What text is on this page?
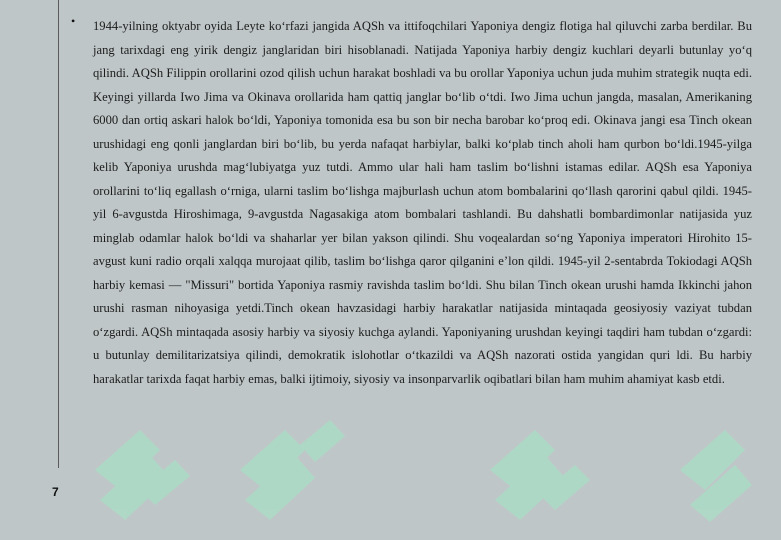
• 1944-yilning oktyabr oyida Leyte ko‘rfazi jangida AQSh va ittifoqchilari Yaponiya dengiz flotiga hal qiluvchi zarba berdilar. Bu jang tarixdagi eng yirik dengiz janglaridan biri hisoblanadi. Natijada Yaponiya harbiy dengiz kuchlari deyarli butunlay yo‘q qilindi. AQSh Filippin orollarini ozod qilish uchun harakat boshladi va bu orollar Yaponiya uchun juda muhim strategik nuqta edi. Keyingi yillarda Iwo Jima va Okinava orollarida ham qattiq janglar bo‘lib o‘tdi. Iwo Jima uchun jangda, masalan, Amerikaning 6000 dan ortiq askari halok bo‘ldi, Yaponiya tomonida esa bu son bir necha barobar ko‘proq edi. Okinava jangi esa Tinch okean urushidagi eng qonli janglardan biri bo‘lib, bu yerda nafaqat harbiylar, balki ko‘plab tinch aholi ham qurbon bo‘ldi.1945-yilga kelib Yaponiya urushda mag‘lubiyatga yuz tutdi. Ammo ular hali ham taslim bo‘lishni istamas edilar. AQSh esa Yaponiya orollarini to‘liq egallash o‘rniga, ularni taslim bo‘lishga majburlash uchun atom bombalarini qo‘llash qarorini qabul qildi. 1945-yil 6-avgustda Hiroshimaga, 9-avgustda Nagasakiga atom bombalari tashlandi. Bu dahshatli bombardimonlar natijasida yuz minglab odamlar halok bo‘ldi va shaharlar yer bilan yakson qilindi. Shu voqealardan so‘ng Yaponiya imperatori Hirohito 15-avgust kuni radio orqali xalqqa murojaat qilib, taslim bo‘lishga qaror qilganini e’lon qildi. 1945-yil 2-sentabrda Tokiodagi AQSh harbiy kemasi — "Missuri" bortida Yaponiya rasmiy ravishda taslim bo‘ldi. Shu bilan Tinch okean urushi hamda Ikkinchi jahon urushi rasman nihoyasiga yetdi.Tinch okean havzasidagi harbiy harakatlar natijasida mintaqada geosiyosiy vaziyat tubdan o‘zgardi. AQSh mintaqada asosiy harbiy va siyosiy kuchga aylandi. Yaponiyaning urushdan keyingi taqdiri ham tubdan o‘zgardi: u butunlay demilitarizatsiya qilindi, demokratik islohotlar o‘tkazildi va AQSh nazorati ostida yangidan quri ldi. Bu harbiy harakatlar tarixda faqat harbiy emas, balki ijtimoiy, siyosiy va insonparvarlik oqibatlari bilan ham muhim ahamiyat kasb etdi.

7
